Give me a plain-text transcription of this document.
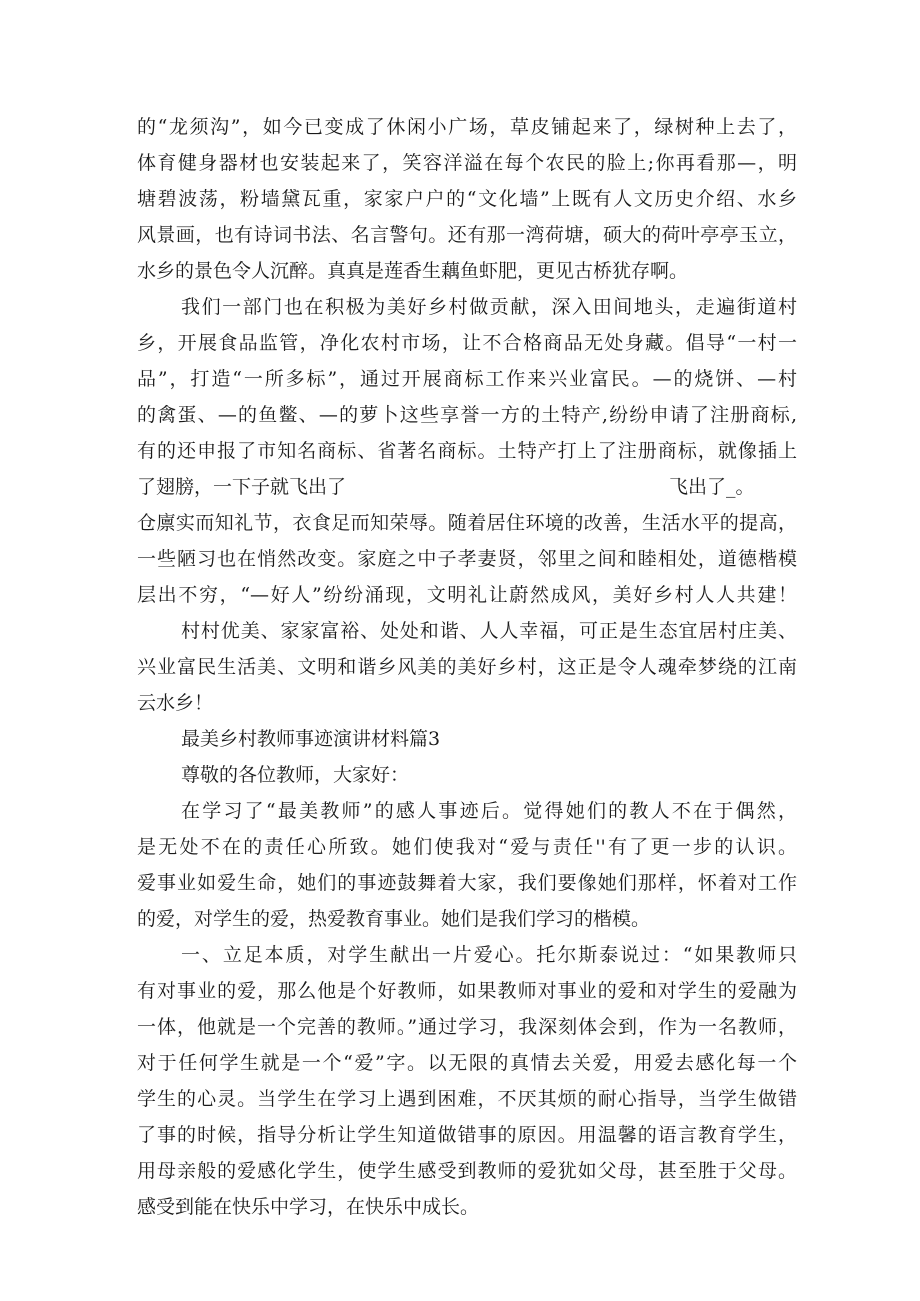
的“龙须沟”，如今已变成了休闲小广场，草皮铺起来了，绿树种上去了，
体育健身器材也安装起来了，笑容洋溢在每个农民的脸上;你再看那—，明
塘碧波荡，粉墙黛瓦重，家家户户的“文化墙”上既有人文历史介绍、水乡
风景画，也有诗词书法、名言警句。还有那一湾荷塘，硕大的荷叶亭亭玉立，
水乡的景色令人沉醉。真真是莲香生藕鱼虾肥，更见古桥犹存啊。
我们一部门也在积极为美好乡村做贡献，深入田间地头，走遍街道村
乡，开展食品监管，净化农村市场，让不合格商品无处身藏。倡导“一村一
品”，打造“一所多标”，通过开展商标工作来兴业富民。—的烧饼、—村
的禽蛋、—的鱼鳖、—的萝卜这些享誉一方的土特产,纷纷申请了注册商标,
有的还申报了市知名商标、省著名商标。土特产打上了注册商标，就像插上
了翅膀，一下子就飞出了	飞出了_。
仓廪实而知礼节，衣食足而知荣辱。随着居住环境的改善，生活水平的提高，
一些陋习也在悄然改变。家庭之中子孝妻贤，邻里之间和睦相处，道德楷模
层出不穷，“—好人”纷纷涌现，文明礼让蔚然成风，美好乡村人人共建！
村村优美、家家富裕、处处和谐、人人幸福，可正是生态宜居村庄美、
兴业富民生活美、文明和谐乡风美的美好乡村，这正是令人魂牵梦绕的江南
云水乡！
最美乡村教师事迹演讲材料篇3
尊敬的各位教师，大家好：
在学习了“最美教师”的感人事迹后。觉得她们的教人不在于偶然，
是无处不在的责任心所致。她们使我对“爱与责任''有了更一步的认识。
爱事业如爱生命，她们的事迹鼓舞着大家，我们要像她们那样，怀着对工作
的爱，对学生的爱，热爱教育事业。她们是我们学习的楷模。
一、立足本质，对学生献出一片爱心。托尔斯泰说过：“如果教师只
有对事业的爱，那么他是个好教师，如果教师对事业的爱和对学生的爱融为
一体，他就是一个完善的教师。”通过学习，我深刻体会到，作为一名教师，
对于任何学生就是一个“爱”字。以无限的真情去关爱，用爱去感化每一个
学生的心灵。当学生在学习上遇到困难，不厌其烦的耐心指导，当学生做错
了事的时候，指导分析让学生知道做错事的原因。用温馨的语言教育学生，
用母亲般的爱感化学生，使学生感受到教师的爱犹如父母，甚至胜于父母。
感受到能在快乐中学习，在快乐中成长。
